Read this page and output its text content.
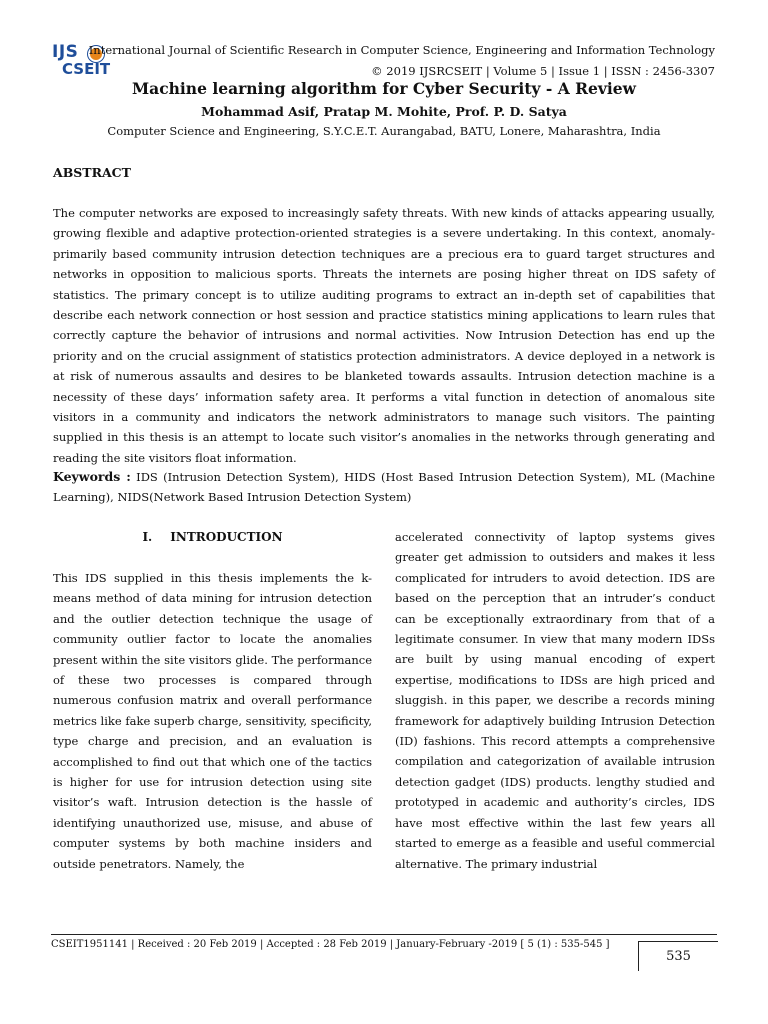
IJS
CSEIT
International Journal of Scientific Research in Computer Science, Engineering and Information Technology
© 2019 IJSRCSEIT | Volume 5 | Issue 1 | ISSN : 2456-3307
Machine learning algorithm for Cyber Security - A Review
Mohammad Asif, Pratap M. Mohite, Prof. P. D. Satya
Computer Science and Engineering, S.Y.C.E.T. Aurangabad, BATU, Lonere, Maharashtra, India
ABSTRACT

The computer networks are exposed to increasingly safety threats. With new kinds of attacks appearing usually, growing flexible and adaptive protection-oriented strategies is a severe undertaking. In this context, anomaly-primarily based community intrusion detection techniques are a precious era to guard target structures and networks in opposition to malicious sports. Threats the internets are posing higher threat on IDS safety of statistics. The primary concept is to utilize auditing programs to extract an in-depth set of capabilities that describe each network connection or host session and practice statistics mining applications to learn rules that correctly capture the behavior of intrusions and normal activities. Now Intrusion Detection has end up the priority and on the crucial assignment of statistics protection administrators. A device deployed in a network is at risk of numerous assaults and desires to be blanketed towards assaults. Intrusion detection machine is a necessity of these days’ information safety area. It performs a vital function in detection of anomalous site visitors in a community and indicators the network administrators to manage such visitors. The painting supplied in this thesis is an attempt to locate such visitor’s anomalies in the networks through generating and reading the site visitors float information.

Keywords : IDS (Intrusion Detection System), HIDS (Host Based Intrusion Detection System), ML (Machine Learning), NIDS(Network Based Intrusion Detection System)

I. INTRODUCTION

This IDS supplied in this thesis implements the k-means method of data mining for intrusion detection and the outlier detection technique the usage of community outlier factor to locate the anomalies present within the site visitors glide. The performance of these two processes is compared through numerous confusion matrix and overall performance metrics like fake superb charge, sensitivity, specificity, type charge and precision, and an evaluation is accomplished to find out that which one of the tactics is higher for use for intrusion detection using site visitor’s waft. Intrusion detection is the hassle of identifying unauthorized use, misuse, and abuse of computer systems by both machine insiders and outside penetrators. Namely, the

accelerated connectivity of laptop systems gives greater get admission to outsiders and makes it less complicated for intruders to avoid detection. IDS are based on the perception that an intruder’s conduct can be exceptionally extraordinary from that of a legitimate consumer. In view that many modern IDSs are built by using manual encoding of expert expertise, modifications to IDSs are high priced and sluggish. in this paper, we describe a records mining framework for adaptively building Intrusion Detection (ID) fashions. This record attempts a comprehensive compilation and categorization of available intrusion detection gadget (IDS) products. lengthy studied and prototyped in academic and authority’s circles, IDS have most effective within the last few years all started to emerge as a feasible and useful commercial alternative. The primary industrial

CSEIT1951141 | Received : 20 Feb 2019 | Accepted : 28 Feb 2019 | January-February -2019 [ 5 (1) : 535-545 ]
535
